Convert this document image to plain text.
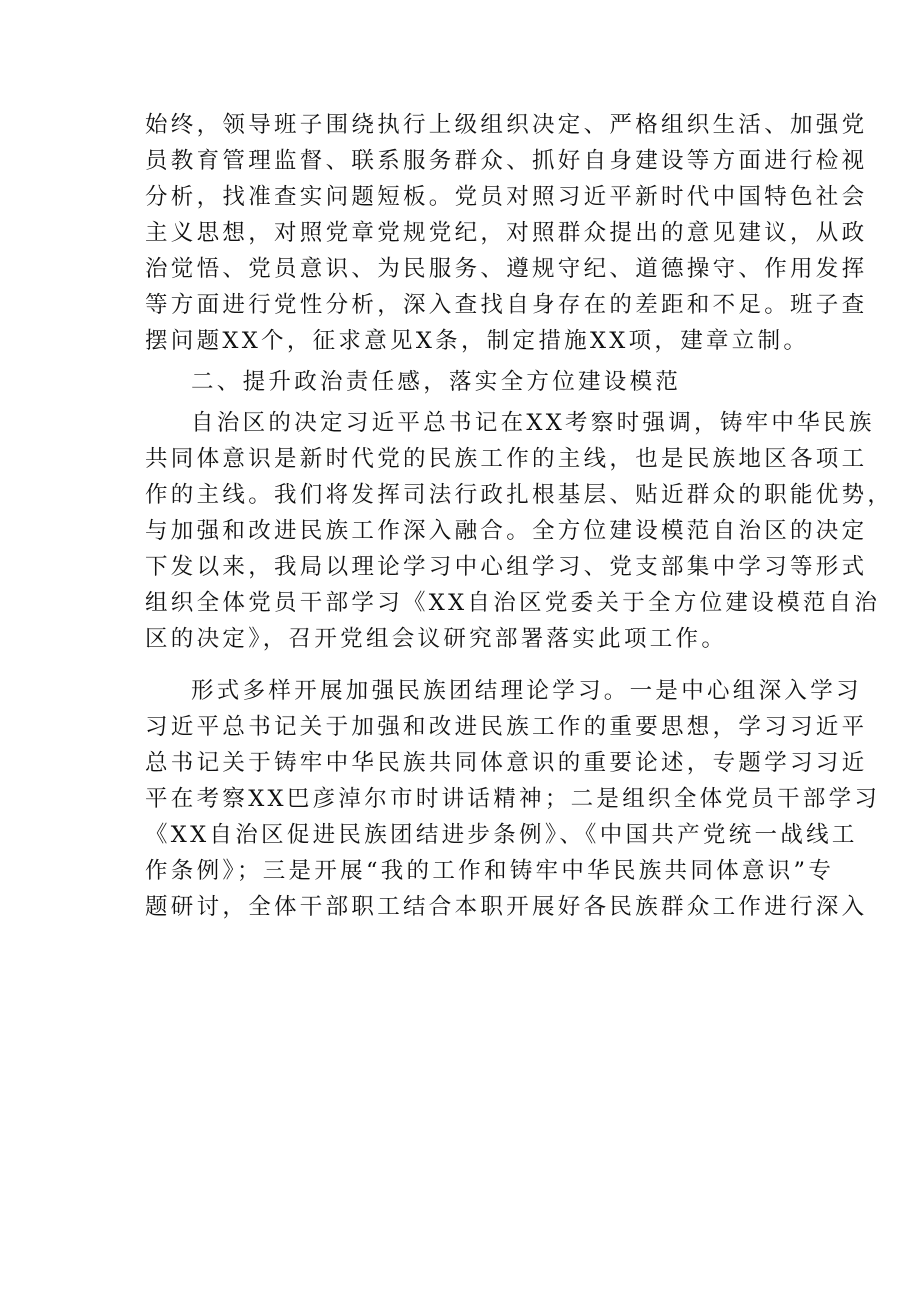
始终，领导班子围绕执行上级组织决定、严格组织生活、加强党
员教育管理监督、联系服务群众、抓好自身建设等方面进行检视
分析，找准查实问题短板。党员对照习近平新时代中国特色社会
主义思想，对照党章党规党纪，对照群众提出的意见建议，从政
治觉悟、党员意识、为民服务、遵规守纪、道德操守、作用发挥
等方面进行党性分析，深入查找自身存在的差距和不足。班子查
摆问题XX个，征求意见X条，制定措施XX项，建章立制。
二、提升政治责任感，落实全方位建设模范
自治区的决定习近平总书记在XX考察时强调，铸牢中华民族
共同体意识是新时代党的民族工作的主线，也是民族地区各项工
作的主线。我们将发挥司法行政扎根基层、贴近群众的职能优势，
与加强和改进民族工作深入融合。全方位建设模范自治区的决定
下发以来，我局以理论学习中心组学习、党支部集中学习等形式
组织全体党员干部学习《XX自治区党委关于全方位建设模范自治
区的决定》，召开党组会议研究部署落实此项工作。
形式多样开展加强民族团结理论学习。一是中心组深入学习
习近平总书记关于加强和改进民族工作的重要思想，学习习近平
总书记关于铸牢中华民族共同体意识的重要论述，专题学习习近
平在考察XX巴彦淖尔市时讲话精神；二是组织全体党员干部学习
《XX自治区促进民族团结进步条例》、《中国共产党统一战线工
作条例》；三是开展“我的工作和铸牢中华民族共同体意识”专
题研讨，全体干部职工结合本职开展好各民族群众工作进行深入
